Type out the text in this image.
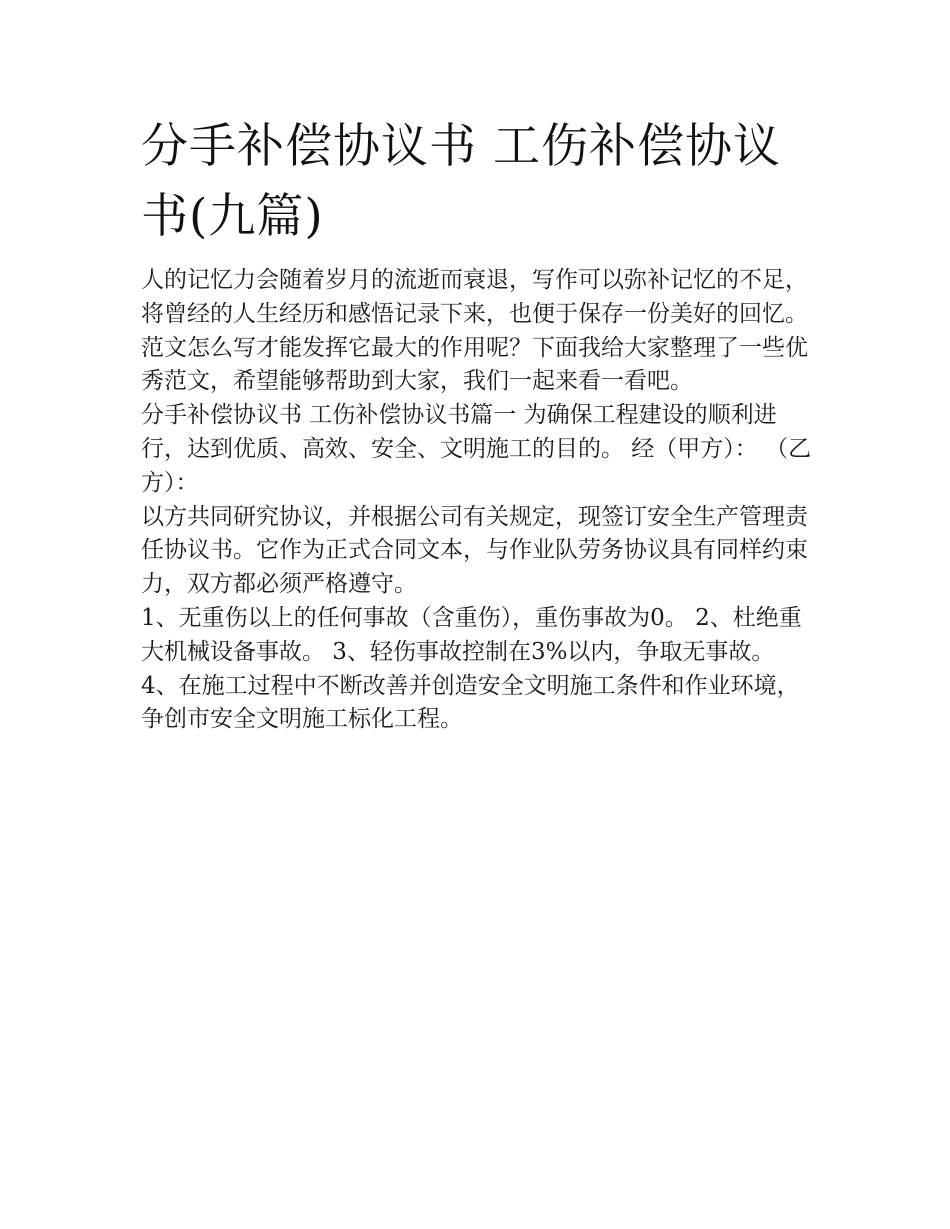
分手补偿协议书 工伤补偿协议书(九篇)

人的记忆力会随着岁月的流逝而衰退，写作可以弥补记忆的不足，将曾经的人生经历和感悟记录下来，也便于保存一份美好的回忆。范文怎么写才能发挥它最大的作用呢？下面我给大家整理了一些优秀范文，希望能够帮助到大家，我们一起来看一看吧。

分手补偿协议书 工伤补偿协议书篇一 为确保工程建设的顺利进行，达到优质、高效、安全、文明施工的目的。 经（甲方）： （乙方）：

以方共同研究协议，并根据公司有关规定，现签订安全生产管理责任协议书。它作为正式合同文本，与作业队劳务协议具有同样约束力，双方都必须严格遵守。

1、无重伤以上的任何事故（含重伤），重伤事故为0。 2、杜绝重大机械设备事故。 3、轻伤事故控制在3%以内，争取无事故。

4、在施工过程中不断改善并创造安全文明施工条件和作业环境，争创市安全文明施工标化工程。
